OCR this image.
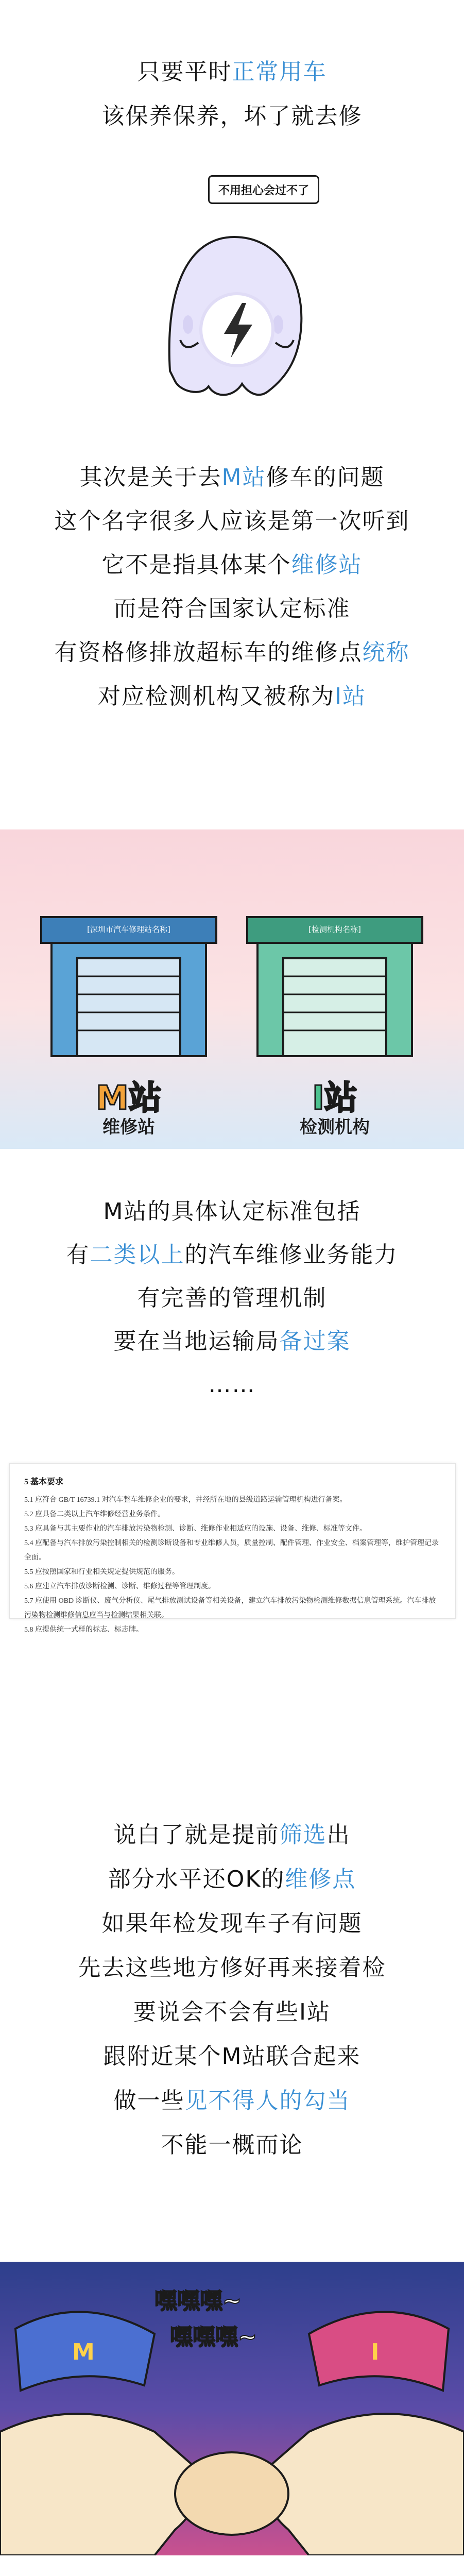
只要平时正常用车
该保养保养，坏了就去修
不用担心会过不了
其次是关于去M站修车的问题
这个名字很多人应该是第一次听到
它不是指具体某个维修站
而是符合国家认定标准
有资格修排放超标车的维修点统称
对应检测机构又被称为I站
[深圳市汽车修理站名称]	[检测机构名称]
M站
维修站
I站
检测机构
M站的具体认定标准包括
有二类以上的汽车维修业务能力
有完善的管理机制
要在当地运输局备过案
……
5 基本要求
5.1 应符合 GB/T 16739.1 对汽车整车维修企业的要求，并经所在地的县级道路运输管理机构进行备案。
5.2 应具备二类以上汽车维修经营业务条件。
5.3 应具备与其主要作业的汽车排放污染物检测、诊断、维修作业相适应的设施、设备、维修、标准等文件。
5.4 应配备与汽车排放污染控制相关的检测诊断设备和专业维修人员，质量控制、配件管理、作业安全、档案管理等，维护管理记录全面。
5.5 应按照国家和行业相关规定提供规范的服务。
5.6 应建立汽车排放诊断检测、诊断、维修过程等管理制度。
5.7 应使用 OBD 诊断仪、废气分析仪、尾气排放测试设备等相关设备，建立汽车排放污染物检测维修数据信息管理系统。汽车排放污染物检测维修信息应当与检测结果相关联。
5.8 应提供统一式样的标志、标志牌。
说白了就是提前筛选出
部分水平还OK的维修点
如果年检发现车子有问题
先去这些地方修好再来接着检
要说会不会有些I站
跟附近某个M站联合起来
做一些见不得人的勾当
不能一概而论
M	I
嘿嘿嘿~
嘿嘿嘿~
